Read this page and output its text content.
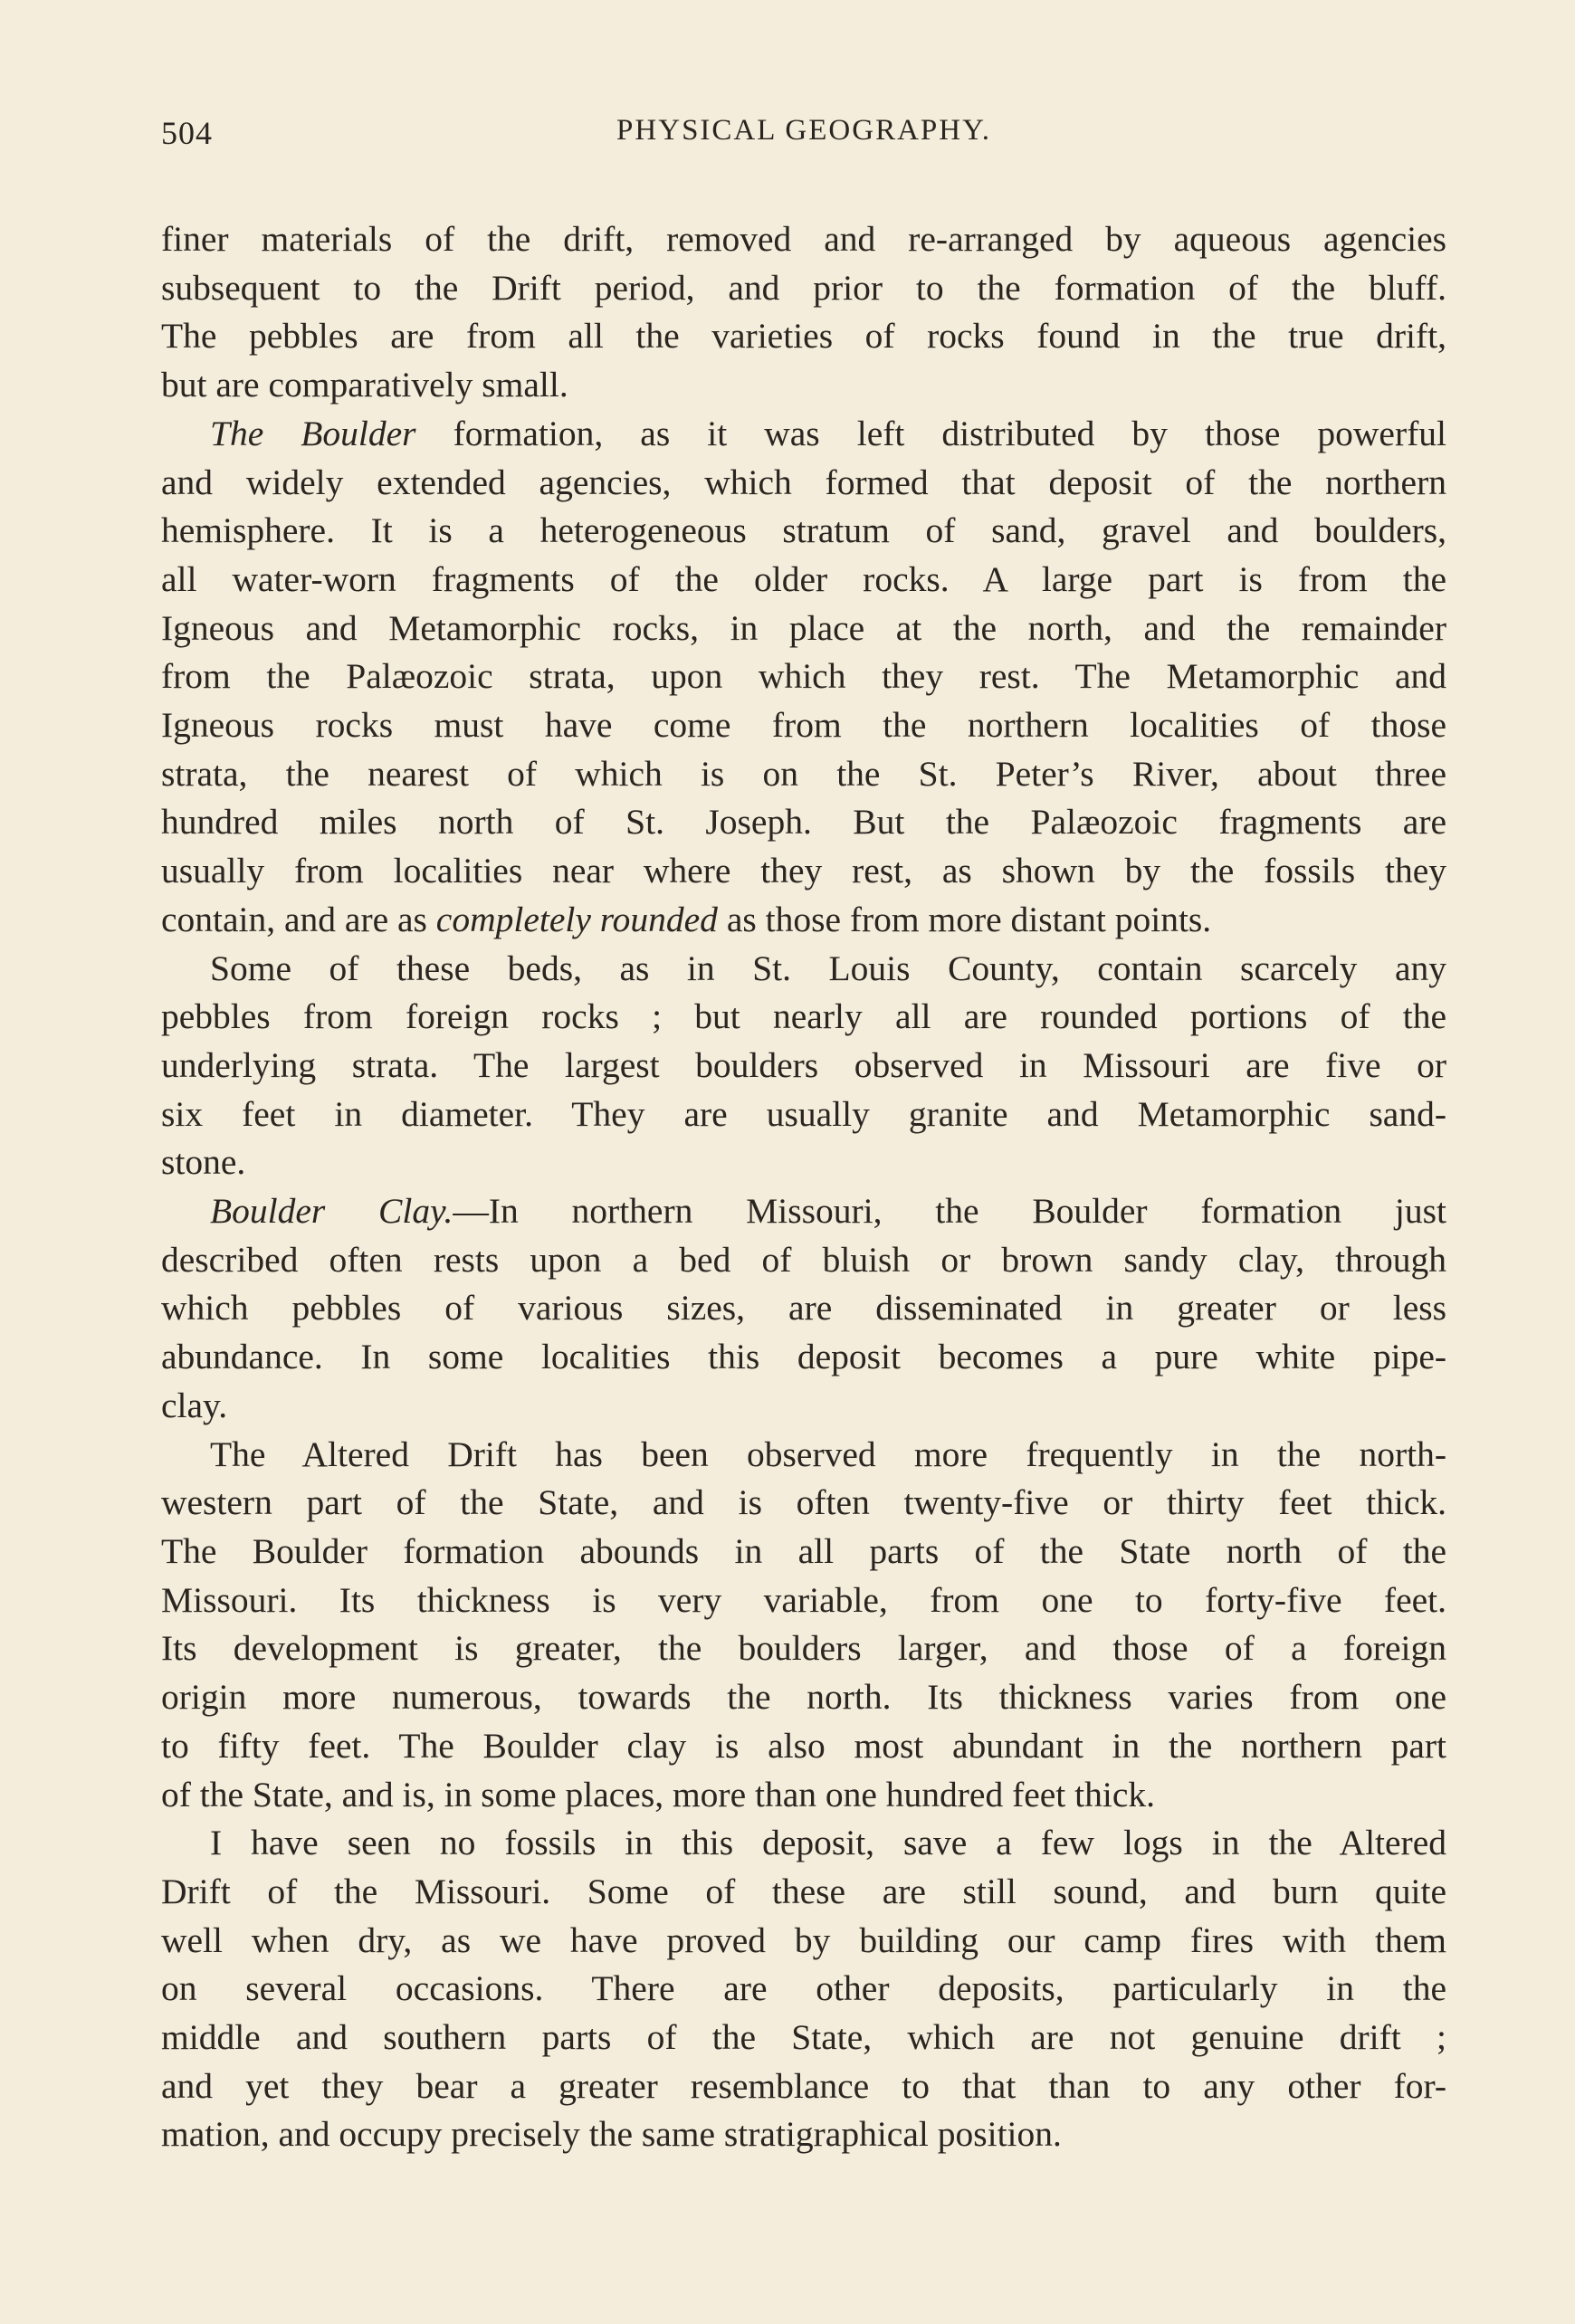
504	PHYSICAL GEOGRAPHY.
finer materials of the drift, removed and re-arranged by aqueous agencies
subsequent to the Drift period, and prior to the formation of the bluff.
The pebbles are from all the varieties of rocks found in the true drift,
but are comparatively small.
The Boulder formation, as it was left distributed by those powerful
and widely extended agencies, which formed that deposit of the northern
hemisphere. It is a heterogeneous stratum of sand, gravel and boulders,
all water-worn fragments of the older rocks. A large part is from the
Igneous and Metamorphic rocks, in place at the north, and the remainder
from the Palæozoic strata, upon which they rest. The Metamorphic and
Igneous rocks must have come from the northern localities of those
strata, the nearest of which is on the St. Peter’s River, about three
hundred miles north of St. Joseph. But the Palæozoic fragments are
usually from localities near where they rest, as shown by the fossils they
contain, and are as completely rounded as those from more distant points.
Some of these beds, as in St. Louis County, contain scarcely any
pebbles from foreign rocks ; but nearly all are rounded portions of the
underlying strata. The largest boulders observed in Missouri are five or
six feet in diameter. They are usually granite and Metamorphic sand-
stone.
Boulder Clay.—In northern Missouri, the Boulder formation just
described often rests upon a bed of bluish or brown sandy clay, through
which pebbles of various sizes, are disseminated in greater or less
abundance. In some localities this deposit becomes a pure white pipe-
clay.
The Altered Drift has been observed more frequently in the north-
western part of the State, and is often twenty-five or thirty feet thick.
The Boulder formation abounds in all parts of the State north of the
Missouri. Its thickness is very variable, from one to forty-five feet.
Its development is greater, the boulders larger, and those of a foreign
origin more numerous, towards the north. Its thickness varies from one
to fifty feet. The Boulder clay is also most abundant in the northern part
of the State, and is, in some places, more than one hundred feet thick.
I have seen no fossils in this deposit, save a few logs in the Altered
Drift of the Missouri. Some of these are still sound, and burn quite
well when dry, as we have proved by building our camp fires with them
on several occasions. There are other deposits, particularly in the
middle and southern parts of the State, which are not genuine drift ;
and yet they bear a greater resemblance to that than to any other for-
mation, and occupy precisely the same stratigraphical position.
